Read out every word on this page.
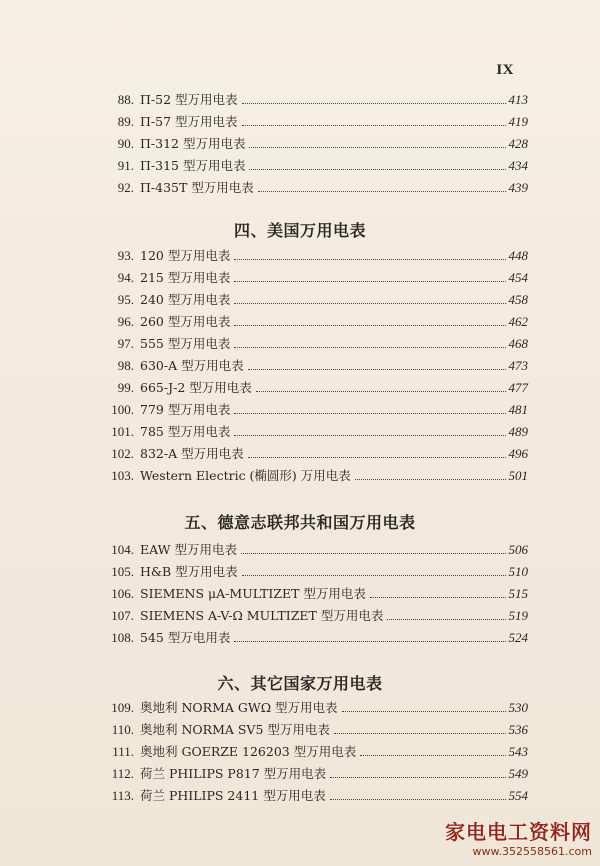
IX
88. П-52 型万用电表	413
89. П-57 型万用电表	419
90. П-312 型万用电表	428
91. П-315 型万用电表	434
92. П-435T 型万用电表	439
四、美国万用电表
93. 120 型万用电表	448
94. 215 型万用电表	454
95. 240 型万用电表	458
96. 260 型万用电表	462
97. 555 型万用电表	468
98. 630-A 型万用电表	473
99. 665-J-2 型万用电表	477
100. 779 型万用电表	481
101. 785 型万用电表	489
102. 832-A 型万用电表	496
103. Western Electric (椭圆形) 万用电表	501
五、德意志联邦共和国万用电表
104. EAW 型万用电表	506
105. H&B 型万用电表	510
106. SIEMENS μA-MULTIZET 型万用电表	515
107. SIEMENS A-V-Ω MULTIZET 型万用电表	519
108. 545 型万电用表	524
六、其它国家万用电表
109. 奥地利 NORMA GWΩ 型万用电表	530
110. 奥地利 NORMA SV5 型万用电表	536
111. 奥地利 GOERZE 126203 型万用电表	543
112. 荷兰 PHILIPS P817 型万用电表	549
113. 荷兰 PHILIPS 2411 型万用电表	554
家电电工资料网
www.352558561.com
